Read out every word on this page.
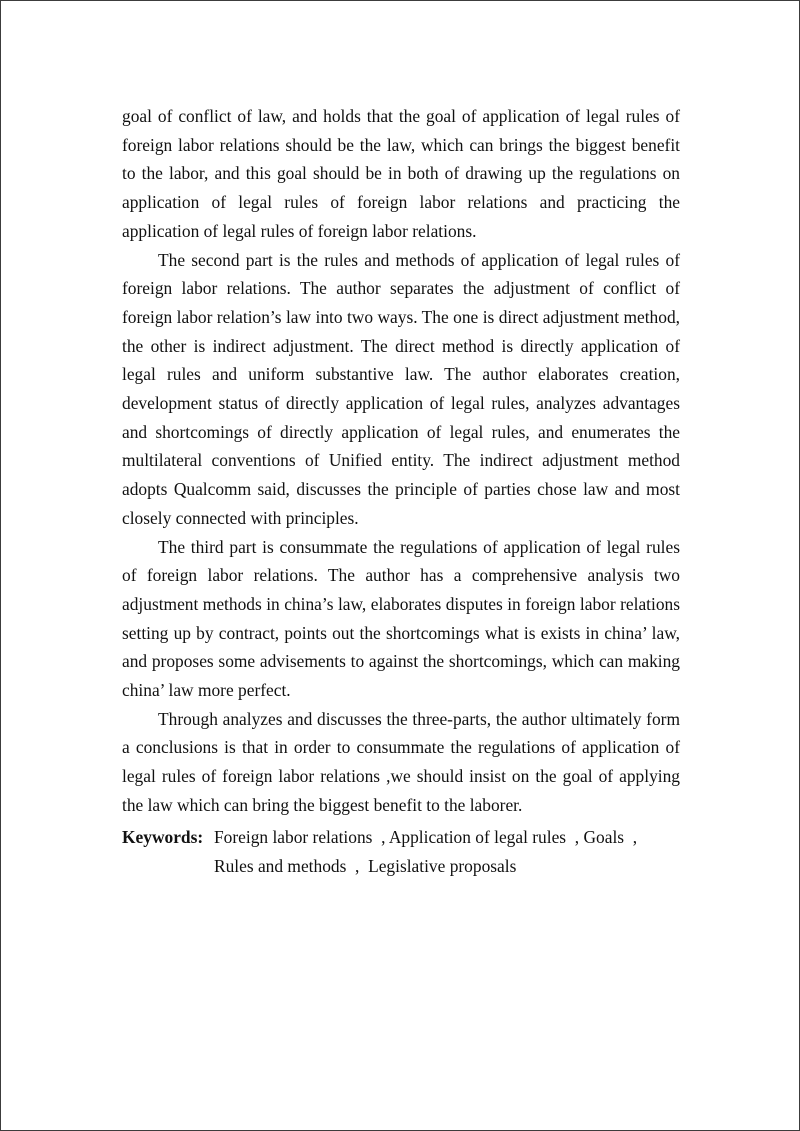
goal of conflict of law, and holds that the goal of application of legal rules of foreign labor relations should be the law, which can brings the biggest benefit to the labor, and this goal should be in both of drawing up the regulations on application of legal rules of foreign labor relations and practicing the application of legal rules of foreign labor relations.

The second part is the rules and methods of application of legal rules of foreign labor relations. The author separates the adjustment of conflict of foreign labor relation’s law into two ways. The one is direct adjustment method, the other is indirect adjustment. The direct method is directly application of legal rules and uniform substantive law. The author elaborates creation, development status of directly application of legal rules, analyzes advantages and shortcomings of directly application of legal rules, and enumerates the multilateral conventions of Unified entity. The indirect adjustment method adopts Qualcomm said, discusses the principle of parties chose law and most closely connected with principles.

The third part is consummate the regulations of application of legal rules of foreign labor relations. The author has a comprehensive analysis two adjustment methods in china’s law, elaborates disputes in foreign labor relations setting up by contract, points out the shortcomings what is exists in china’ law, and proposes some advisements to against the shortcomings, which can making china’ law more perfect.

Through analyzes and discusses the three-parts, the author ultimately form a conclusions is that in order to consummate the regulations of application of legal rules of foreign labor relations ,we should insist on the goal of applying the law which can bring the biggest benefit to the laborer.

Keywords: Foreign labor relations  , Application of legal rules  , Goals  ,
Rules and methods  ,  Legislative proposals
